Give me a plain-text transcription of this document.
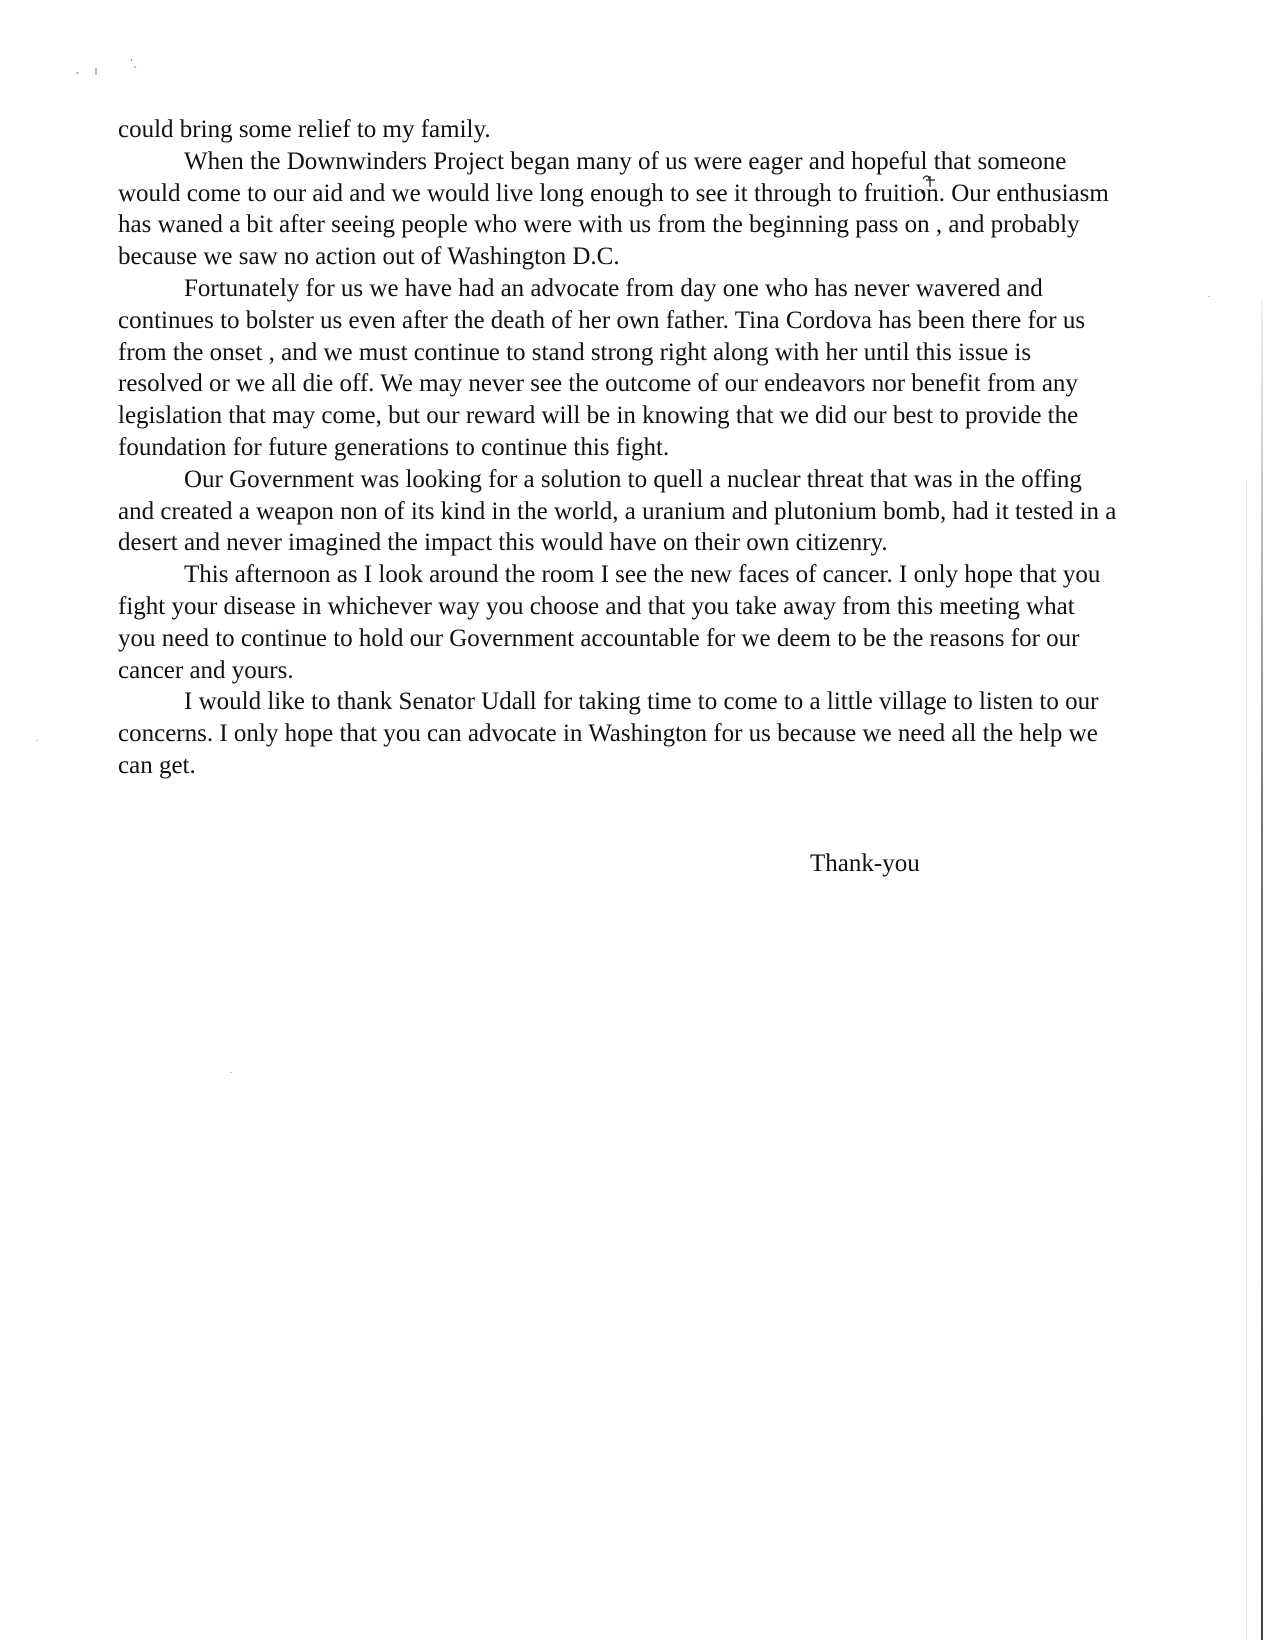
could bring some relief to my family.

When the Downwinders Project began many of us were eager and hopeful that someone would come to our aid and we would live long enough to see it through to fruition. Our enthusiasm has waned a bit after seeing people who were with us from the beginning pass on , and probably because we saw no action out of Washington D.C.

Fortunately for us we have had an advocate from day one who has never wavered and continues to bolster us even after the death of her own father. Tina Cordova has been there for us from the onset , and we must continue to stand strong right along with her until this issue is resolved or we all die off. We may never see the outcome of our endeavors nor benefit from any legislation that may come, but our reward will be in knowing that we did our best to provide the foundation for future generations to continue this fight.

Our Government was looking for a solution to quell a nuclear threat that was in the offing and created a weapon non of its kind in the world, a uranium and plutonium bomb, had it tested in a desert and never imagined the impact this would have on their own citizenry.

This afternoon as I look around the room I see the new faces of cancer. I only hope that you fight your disease in whichever way you choose and that you take away from this meeting what you need to continue to hold our Government accountable for we deem to be the reasons for our cancer and yours.

I would like to thank Senator Udall for taking time to come to a little village to listen to our concerns. I only hope that you can advocate in Washington for us because we need all the help we can get.

Thank-you
